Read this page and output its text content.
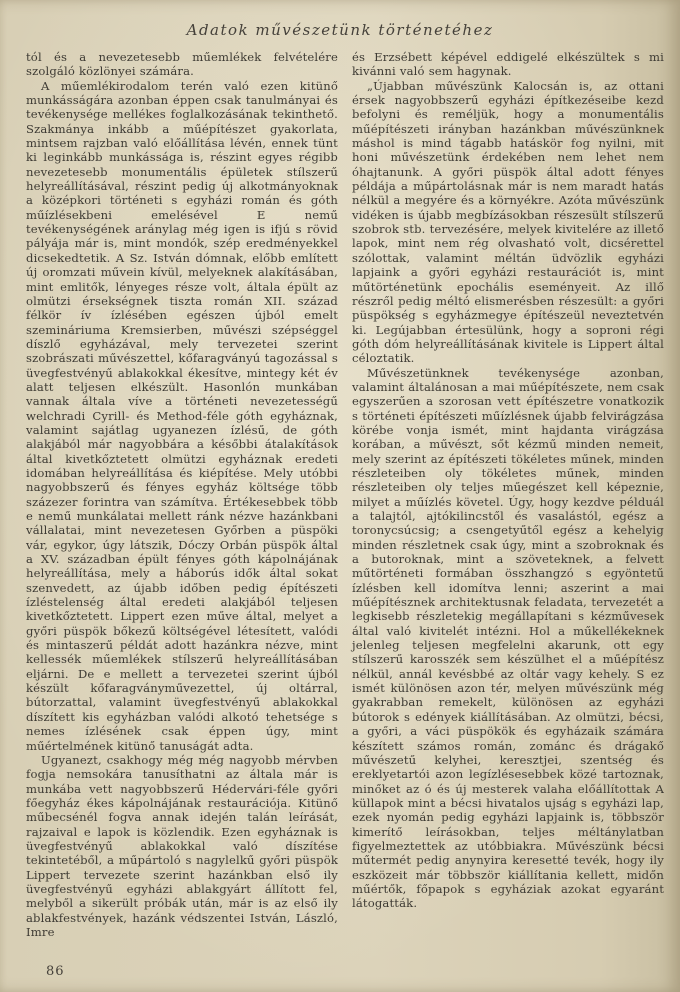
Adatok művészetünk történetéhez

tól és a nevezetesebb műemlékek felvételére szolgáló közlönyei számára.

A műemlékirodalom terén való ezen kitünő munkásságára azonban éppen csak tanulmányai és tevékenysége mellékes foglalkozásának tekinthető. Szakmánya inkább a műépítészet gyakorlata, mintsem rajzban való előállítása lévén, ennek tünt ki leginkább munkássága is, részint egyes régibb nevezetesebb monumentális épületek stílszerű helyreállításával, részint pedig új alkotmányoknak a középkori történeti s egyházi román és góth műízlésekbeni emelésével E nemű tevékenységének aránylag még igen is ifjú s rövid pályája már is, mint mondók, szép eredményekkel dicsekedtetik. A Sz. István dómnak, előbb említett új oromzati művein kívül, melyeknek alakításában, mint emlitők, lényeges része volt, általa épült az olmützi érsekségnek tiszta román XII. század félkör ív ízlésében egészen újból emelt szemináriuma Kremsierben, művészi szépséggel díszlő egyházával, mely tervezetei szerint szobrászati művészettel, kőfaragványú tagozással s üvegfestvényű ablakokkal ékesítve, mintegy két év alatt teljesen elkészült. Hasonlón munkában vannak általa víve a történeti nevezetességű welchradi Cyrill- és Method-féle góth egyháznak, valamint sajátlag ugyanezen ízlésű, de góth alakjából már nagyobbára a későbbi átalakítások által kivetkőztetett olmützi egyháznak eredeti idomában helyreállítása és kiépítése. Mely utóbbi nagyobbszerű és fényes egyház költsége több százezer forintra van számítva. Értékesebbek több e nemű munkálatai mellett ránk nézve hazánkbani vállalatai, mint nevezetesen Győrben a püspöki vár, egykor, úgy látszik, Dóczy Orbán püspök által a XV. században épült fényes góth kápolnájának helyreállítása, mely a háborús idők által sokat szenvedett, az újabb időben pedig építészeti ízléstelenség által eredeti alakjából teljesen kivetkőztetett. Lippert ezen műve által, melyet a győri püspök bőkezű költségével létesített, valódi és mintaszerű példát adott hazánkra nézve, mint kellessék műemlékek stílszerű helyreállításában eljárni. De e mellett a tervezetei szerint újból készült kőfaragványművezettel, új oltárral, bútorzattal, valamint üvegfestvényű ablakokkal díszített kis egyházban valódi alkotó tehetsége s nemes ízlésének csak éppen úgy, mint műértelmének kitünő tanuságát adta.

Ugyanezt, csakhogy még még nagyobb mérvben fogja nemsokára tanusíthatni az általa már is munkába vett nagyobbszerű Hédervári-féle győri főegyház ékes kápolnájának restaurációja. Kitünő műbecsénél fogva annak idején talán leírását, rajzaival e lapok is közlendik. Ezen egyháznak is üvegfestvényű ablakokkal való díszítése tekintetéből, a műpártoló s nagylelkű győri püspök Lippert tervezete szerint hazánkban első ily üvegfestvényű egyházi ablakgyárt állított fel, melyből a sikerült próbák után, már is az első ily ablakfestvények, hazánk védszentei István, László, Imre

és Erzsébett képével eddigelé elkészültek s mi kivánni való sem hagynak.

„Újabban művészünk Kalocsán is, az ottani érsek nagyobbszerű egyházi építkezéseibe kezd befolyni és reméljük, hogy a monumentális műépítészeti irányban hazánkban művészünknek máshol is mind tágabb hatáskör fog nyilni, mit honi művészetünk érdekében nem lehet nem óhajtanunk. A győri püspök által adott fényes példája a műpártolásnak már is nem maradt hatás nélkül a megyére és a környékre. Azóta művészünk vidéken is újabb megbízásokban részesült stílszerű szobrok stb. tervezésére, melyek kivitelére az illető lapok, mint nem rég olvasható volt, dicsérettel szólottak, valamint méltán üdvözlik egyházi lapjaink a győri egyházi restaurációt is, mint műtörténetünk epochális eseményeit. Az illő részről pedig méltó elismerésben részesült: a győri püspökség s egyházmegye építészeül neveztetvén ki. Legújabban értesülünk, hogy a soproni régi góth dóm helyreállításának kivitele is Lippert által céloztatik.

Művészetünknek tevékenysége azonban, valamint általánosan a mai műépítészete, nem csak egyszerűen a szorosan vett építészetre vonatkozik s történeti építészeti műízlésnek újabb felvirágzása körébe vonja ismét, mint hajdanta virágzása korában, a művészt, sőt kézmű minden nemeit, mely szerint az építészeti tökéletes műnek, minden részleteiben oly tökéletes műnek, minden részleteiben oly teljes műegészet kell képeznie, milyet a műízlés követel. Úgy, hogy kezdve példuál a talajtól, ajtókilincstől és vasalástól, egész a toronycsúcsig; a csengetyűtől egész a kehelyig minden részletnek csak úgy, mint a szobroknak és a butoroknak, mint a szöveteknek, a felvett műtörténeti formában összhangzó s egyöntetű ízlésben kell idomítva lenni; aszerint a mai műépítésznek architektusnak feladata, tervezetét a legkisebb részletekig megállapítani s kézművesek által való kivitelét intézni. Hol a műkellékeknek jelenleg teljesen megfelelni akarunk, ott egy stílszerű karosszék sem készülhet el a műépítész nélkül, annál kevésbbé az oltár vagy kehely. S ez ismét különösen azon tér, melyen művészünk még gyakrabban remekelt, különösen az egyházi bútorok s edények kiállításában. Az olmützi, bécsi, a győri, a váci püspökök és egyházaik számára készített számos román, zománc és drágakő művészetű kelyhei, keresztjei, szentség és ereklyetartói azon legízlésesebbek közé tartoznak, minőket az ó és új mesterek valaha előállítottak A küllapok mint a bécsi hivatalos ujság s egyházi lap, ezek nyomán pedig egyházi lapjaink is, többször kimerítő leírásokban, teljes méltánylatban figyelmeztettek az utóbbiakra. Művészünk bécsi műtermét pedig anynyira keresetté tevék, hogy ily eszközeit már többször kiállítania kellett, midőn műértők, főpapok s egyháziak azokat egyaránt látogatták.

86
